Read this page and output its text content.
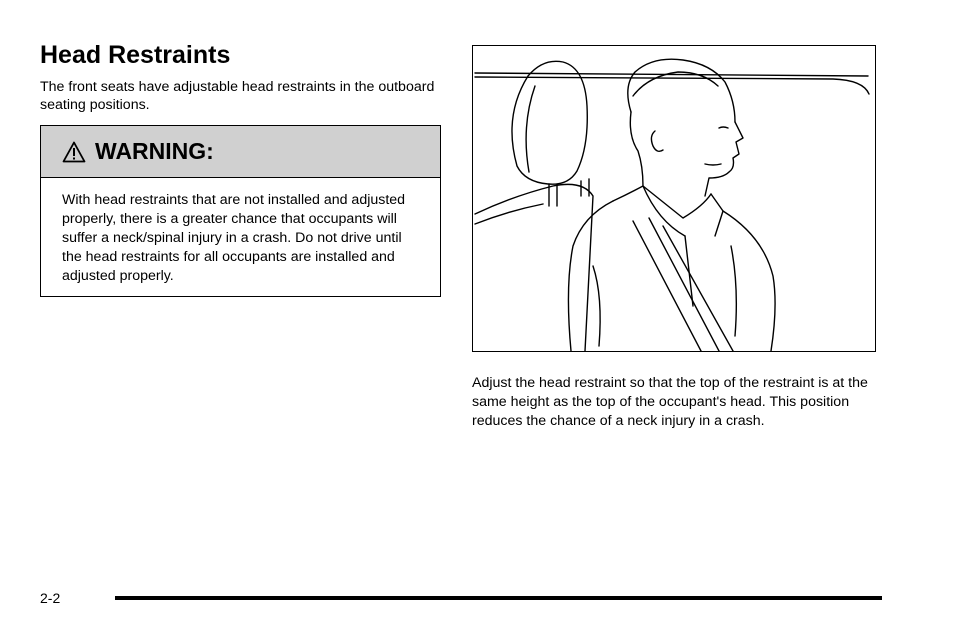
Head Restraints
The front seats have adjustable head restraints in the outboard seating positions.
WARNING:
With head restraints that are not installed and adjusted properly, there is a greater chance that occupants will suffer a neck/spinal injury in a crash. Do not drive until the head restraints for all occupants are installed and adjusted properly.
Adjust the head restraint so that the top of the restraint is at the same height as the top of the occupant's head. This position reduces the chance of a neck injury in a crash.
2-2
